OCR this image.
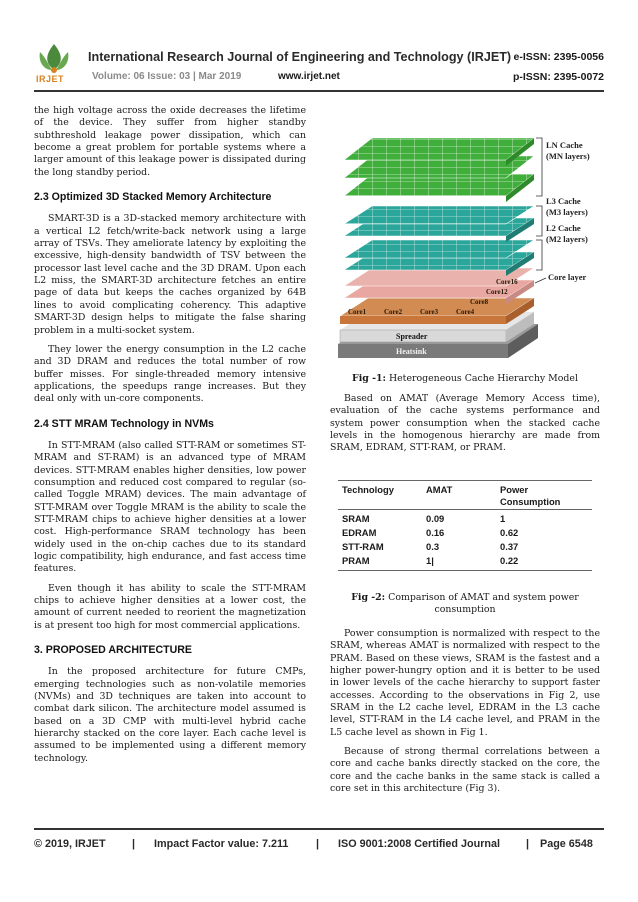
IRJET
International Research Journal of Engineering and Technology (IRJET) e-ISSN: 2395-0056
Volume: 06 Issue: 03 | Mar 2019	www.irjet.net	p-ISSN: 2395-0072

the high voltage across the oxide decreases the lifetime of the device. They suffer from higher standby subthreshold leakage power dissipation, which can become a great problem for portable systems where a larger amount of this leakage power is dissipated during the long standby period.

2.3 Optimized 3D Stacked Memory Architecture

SMART-3D is a 3D-stacked memory architecture with a vertical L2 fetch/write-back network using a large array of TSVs. They ameliorate latency by exploiting the excessive, high-density bandwidth of TSV between the processor last level cache and the 3D DRAM. Upon each L2 miss, the SMART-3D architecture fetches an entire page of data but keeps the caches organized by 64B lines to avoid complicating coherency. This adaptive SMART-3D design helps to mitigate the false sharing problem in a multi-socket system.

They lower the energy consumption in the L2 cache and 3D DRAM and reduces the total number of row buffer misses. For single-threaded memory intensive applications, the speedups range increases. But they deal only with un-core components.

2.4 STT MRAM Technology in NVMs

In STT-MRAM (also called STT-RAM or sometimes ST-MRAM and ST-RAM) is an advanced type of MRAM devices. STT-MRAM enables higher densities, low power consumption and reduced cost compared to regular (so-called Toggle MRAM) devices. The main advantage of STT-MRAM over Toggle MRAM is the ability to scale the STT-MRAM chips to achieve higher densities at a lower cost. High-performance SRAM technology has been widely used in the on-chip caches due to its standard logic compatibility, high endurance, and fast access time features.

Even though it has ability to scale the STT-MRAM chips to achieve higher densities at a lower cost, the amount of current needed to reorient the magnetization is at present too high for most commercial applications.

3. PROPOSED ARCHITECTURE

In the proposed architecture for future CMPs, emerging technologies such as non-volatile memories (NVMs) and 3D techniques are taken into account to combat dark silicon. The architecture model assumed is based on a 3D CMP with multi-level hybrid cache hierarchy stacked on the core layer. Each cache level is assumed to be implemented using a different memory technology.

LN Cache
(MN layers)
L3 Cache
(M3 layers)
L2 Cache
(M2 layers)
Core layer
Core1	Core2	Core3	Core4
Core8
Core12
Core16
Spreader
Heatsink
Fig -1: Heterogeneous Cache Hierarchy Model

Based on AMAT (Average Memory Access time), evaluation of the cache systems performance and system power consumption when the stacked cache levels in the homogenous hierarchy are made from SRAM, EDRAM, STT-RAM, or PRAM.

Technology	AMAT	Power
Consumption
SRAM	0.09	1
EDRAM	0.16	0.62
STT-RAM	0.3	0.37
PRAM	1|	0.22
Fig -2: Comparison of AMAT and system power consumption

Power consumption is normalized with respect to the SRAM, whereas AMAT is normalized with respect to the PRAM. Based on these views, SRAM is the fastest and a higher power-hungry option and it is better to be used in lower levels of the cache hierarchy to support faster accesses. According to the observations in Fig 2, use SRAM in the L2 cache level, EDRAM in the L3 cache level, STT-RAM in the L4 cache level, and PRAM in the L5 cache level as shown in Fig 1.

Because of strong thermal correlations between a core and cache banks directly stacked on the core, the core and the cache banks in the same stack is called a core set in this architecture (Fig 3).

© 2019, IRJET | Impact Factor value: 7.211	| ISO 9001:2008 Certified Journal | Page 6548
